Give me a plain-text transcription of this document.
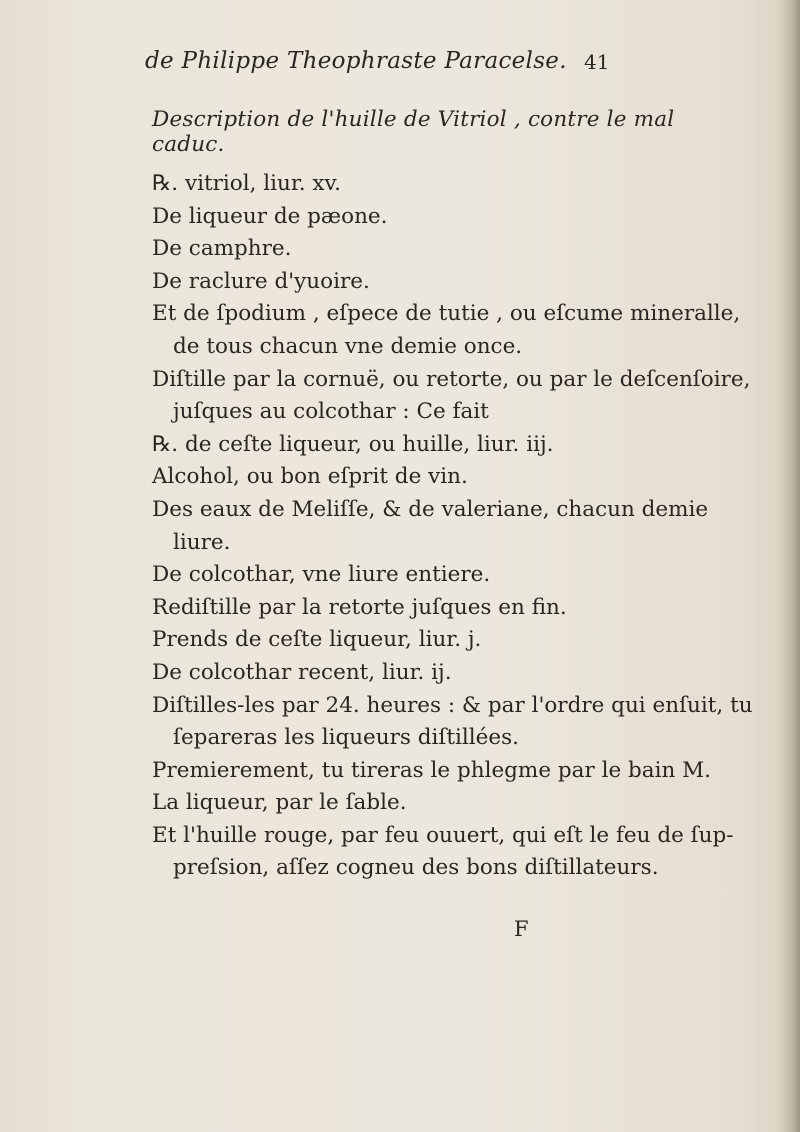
de Philippe Theophraste Paracelse. 41
Description de l'huille de Vitriol , contre le mal caduc.
℞. vitriol, liur. xv.
De liqueur de pæone.
De camphre.
De raclure d'yuoire.
Et de ſpodium , eſpece de tutie , ou eſcume mineralle,
de tous chacun vne demie once.
Diſtille par la cornuë, ou retorte, ou par le deſcenſoire,
juſques au colcothar : Ce fait
℞. de ceſte liqueur, ou huille, liur. iij.
Alcohol, ou bon eſprit de vin.
Des eaux de Meliſſe, & de valeriane, chacun demie
liure.
De colcothar, vne liure entiere.
Rediſtille par la retorte juſques en fin.
Prends de ceſte liqueur, liur. j.
De colcothar recent, liur. ij.
Diſtilles-les par 24. heures : & par l'ordre qui enſuit, tu
ſepareras les liqueurs diſtillées.
Premierement, tu tireras le phlegme par le bain M.
La liqueur, par le ſable.
Et l'huille rouge, par feu ouuert, qui eſt le feu de ſup-
preſsion, aſſez cogneu des bons diſtillateurs.
F
